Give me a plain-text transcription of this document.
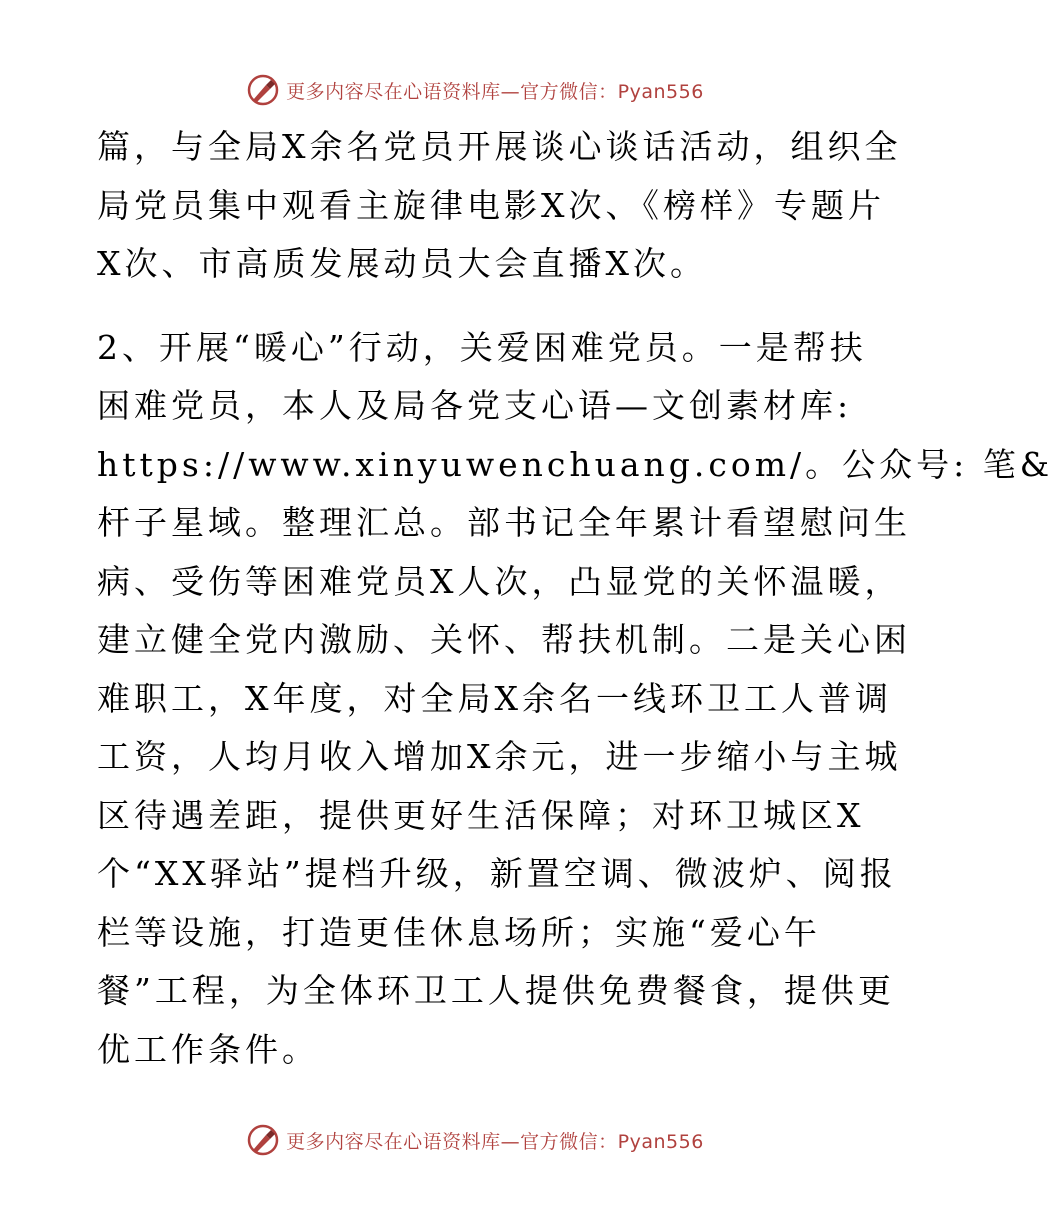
更多内容尽在心语资料库—官方微信：Pyan556
篇，与全局X余名党员开展谈心谈话活动，组织全
局党员集中观看主旋律电影X次、《榜样》专题片
X次、市高质发展动员大会直播X次。
2、开展“暖心”行动，关爱困难党员。一是帮扶
困难党员，本人及局各党支心语—文创素材库:
https://www.xinyuwenchuang.com/。公众号: 笔&
杆子星域。整理汇总。部书记全年累计看望慰问生
病、受伤等困难党员X人次，凸显党的关怀温暖，
建立健全党内激励、关怀、帮扶机制。二是关心困
难职工，X年度，对全局X余名一线环卫工人普调
工资，人均月收入增加X余元，进一步缩小与主城
区待遇差距，提供更好生活保障；对环卫城区X
个“XX驿站”提档升级，新置空调、微波炉、阅报
栏等设施，打造更佳休息场所；实施“爱心午
餐”工程，为全体环卫工人提供免费餐食，提供更
优工作条件。
更多内容尽在心语资料库—官方微信：Pyan556
